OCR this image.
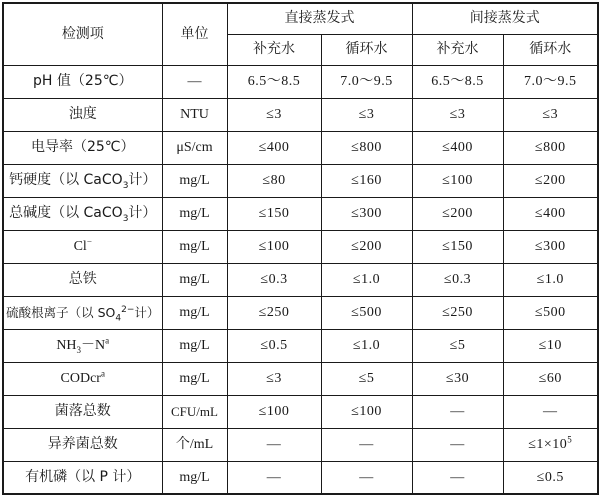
检测项	单位	直接蒸发式		间接蒸发式	
		补充水	循环水	补充水	循环水
pH 值（25℃）	—	6.5～8.5	7.0～9.5	6.5～8.5	7.0～9.5
浊度	NTU	≤3	≤3	≤3	≤3
电导率（25℃）	μS/cm	≤400	≤800	≤400	≤800
钙硬度（以 CaCO$_3$计）	mg/L	≤80	≤160	≤100	≤200
总碱度（以 CaCO$_3$计）	mg/L	≤150	≤300	≤200	≤400
Cl−	mg/L	≤100	≤200	≤150	≤300
总铁	mg/L	≤0.3	≤1.0	≤0.3	≤1.0
硫酸根离子（以 $SO_4^{2-}$计）	mg/L	≤250	≤500	≤250	≤500
$NH_3-N^a$	mg/L	≤0.5	≤1.0	≤5	≤10
CODcr$^a$	mg/L	≤3	≤5	≤30	≤60
菌落总数	CFU/mL	≤100	≤100	—	—
异养菌总数	个/mL	—	—	—	$\le 1\times 10^5$
有机磷（以 P 计）	mg/L	—	—	—	≤0.5
